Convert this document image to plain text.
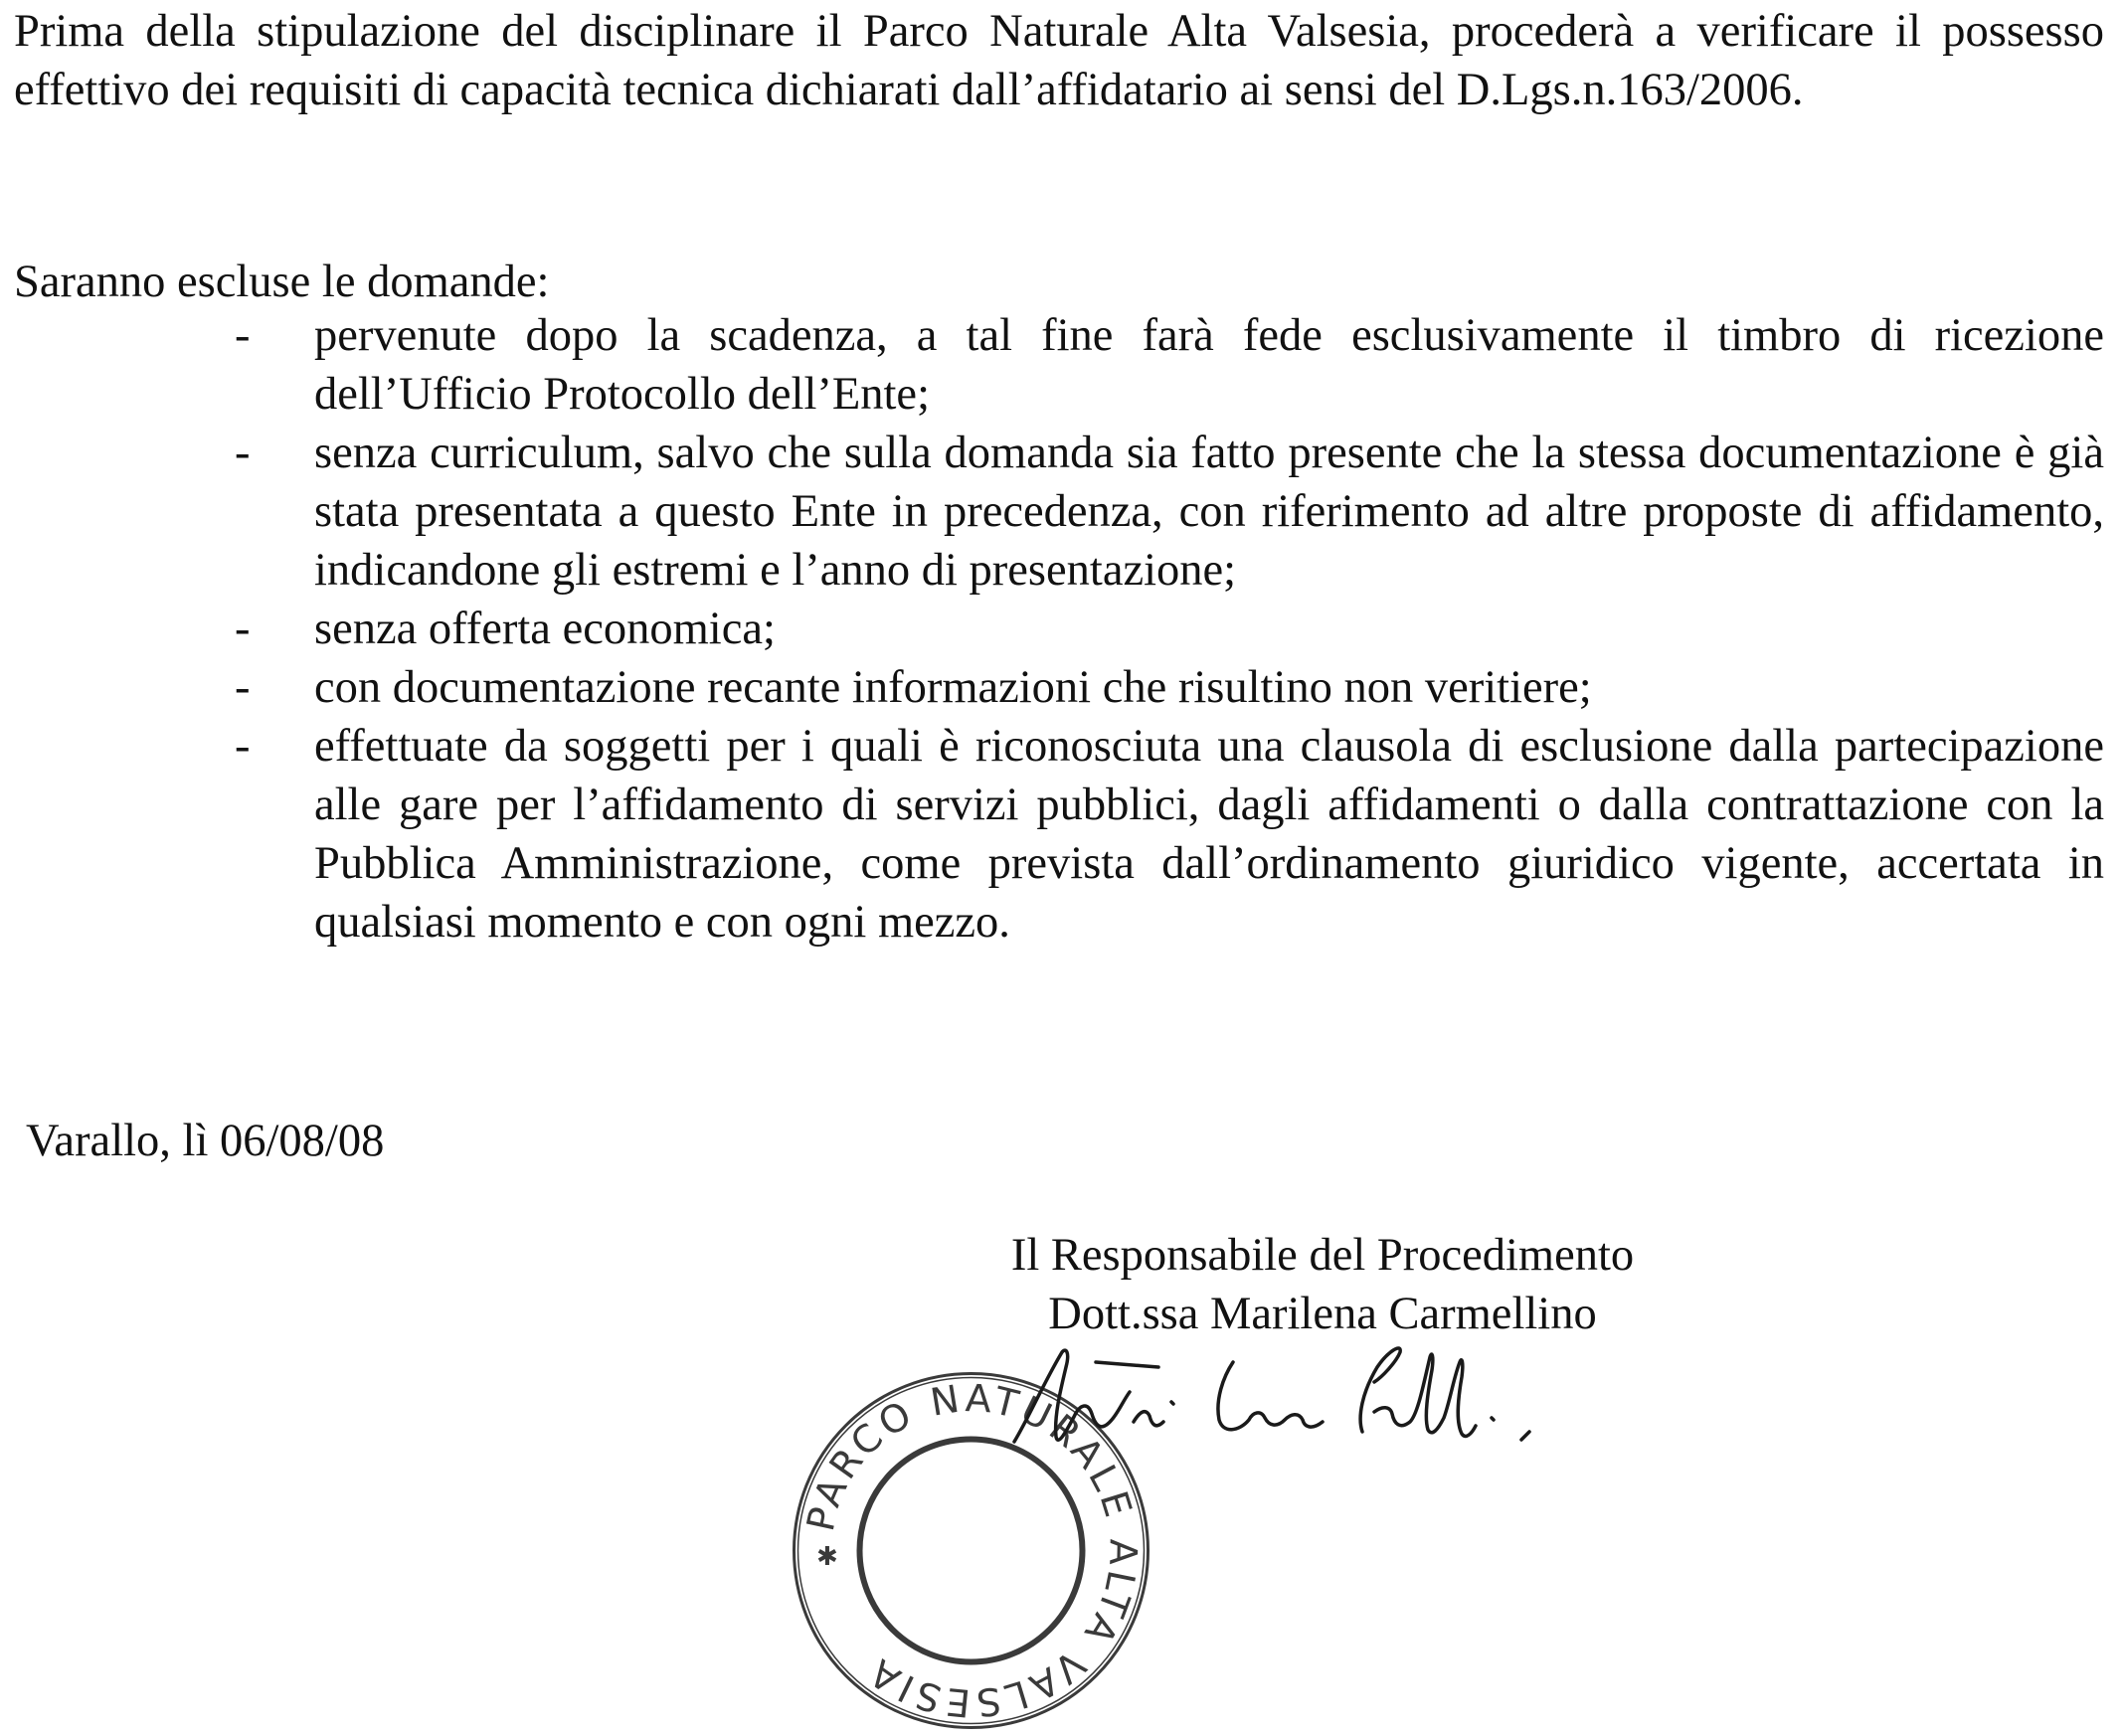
Prima della stipulazione del disciplinare il Parco Naturale Alta Valsesia, procederà a verificare il possesso effettivo dei requisiti di capacità tecnica dichiarati dall’affidatario ai sensi del D.Lgs.n.163/2006.

Saranno escluse le domande:

- pervenute dopo la scadenza, a tal fine farà fede esclusivamente il timbro di ricezione dell’Ufficio Protocollo dell’Ente;
- senza curriculum, salvo che sulla domanda sia fatto presente che la stessa documentazione è già stata presentata a questo Ente in precedenza, con riferimento ad altre proposte di affidamento, indicandone gli estremi e l’anno di presentazione;
- senza offerta economica;
- con documentazione recante informazioni che risultino non veritiere;
- effettuate da soggetti per i quali è riconosciuta una clausola di esclusione dalla partecipazione alle gare per l’affidamento di servizi pubblici, dagli affidamenti o dalla contrattazione con la Pubblica Amministrazione, come prevista dall’ordinamento giuridico vigente, accertata in qualsiasi momento e con ogni mezzo.

Varallo, lì 06/08/08

Il Responsabile del Procedimento
Dott.ssa Marilena Carmellino
PARCO NATURALE ALTA VALSESIA
✱
